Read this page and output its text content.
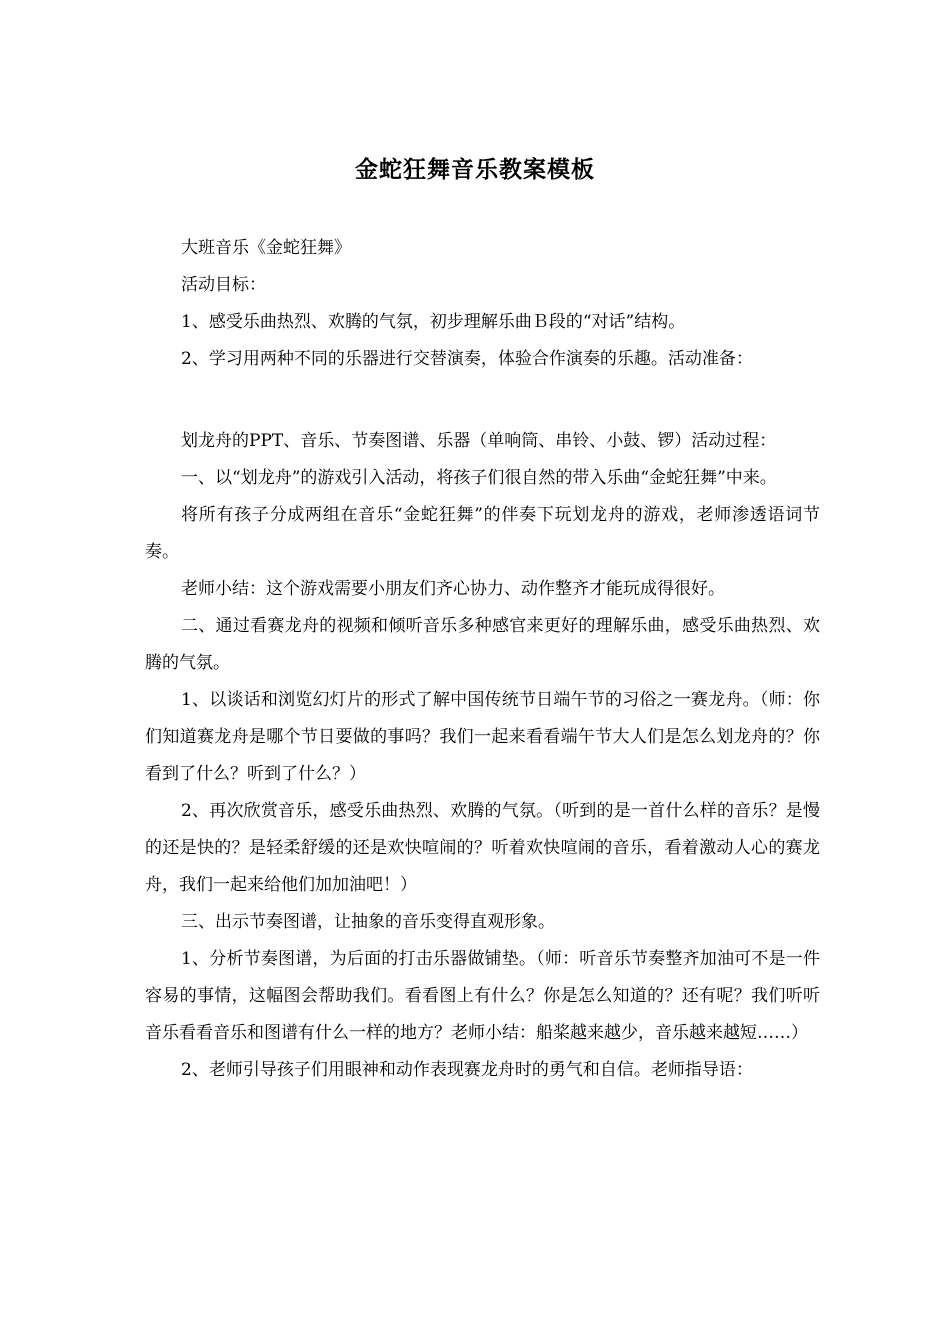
金蛇狂舞音乐教案模板

大班音乐《金蛇狂舞》

活动目标：

1、感受乐曲热烈、欢腾的气氛，初步理解乐曲Ｂ段的“对话”结构。

2、学习用两种不同的乐器进行交替演奏，体验合作演奏的乐趣。活动准备：

划龙舟的PPT、音乐、节奏图谱、乐器（单响筒、串铃、小鼓、锣）活动过程：

一、以“划龙舟”的游戏引入活动，将孩子们很自然的带入乐曲“金蛇狂舞”中来。

将所有孩子分成两组在音乐“金蛇狂舞”的伴奏下玩划龙舟的游戏，老师渗透语词节奏。

老师小结：这个游戏需要小朋友们齐心协力、动作整齐才能玩成得很好。

二、通过看赛龙舟的视频和倾听音乐多种感官来更好的理解乐曲，感受乐曲热烈、欢腾的气氛。

1、以谈话和浏览幻灯片的形式了解中国传统节日端午节的习俗之一赛龙舟。（师：你们知道赛龙舟是哪个节日要做的事吗？我们一起来看看端午节大人们是怎么划龙舟的？你看到了什么？听到了什么？）

2、再次欣赏音乐，感受乐曲热烈、欢腾的气氛。（听到的是一首什么样的音乐？是慢的还是快的？是轻柔舒缓的还是欢快喧闹的？听着欢快喧闹的音乐，看着激动人心的赛龙舟，我们一起来给他们加加油吧！）

三、出示节奏图谱，让抽象的音乐变得直观形象。

1、分析节奏图谱，为后面的打击乐器做铺垫。（师：听音乐节奏整齐加油可不是一件容易的事情，这幅图会帮助我们。看看图上有什么？你是怎么知道的？还有呢？我们听听音乐看看音乐和图谱有什么一样的地方？老师小结：船桨越来越少，音乐越来越短……）

2、老师引导孩子们用眼神和动作表现赛龙舟时的勇气和自信。老师指导语：
